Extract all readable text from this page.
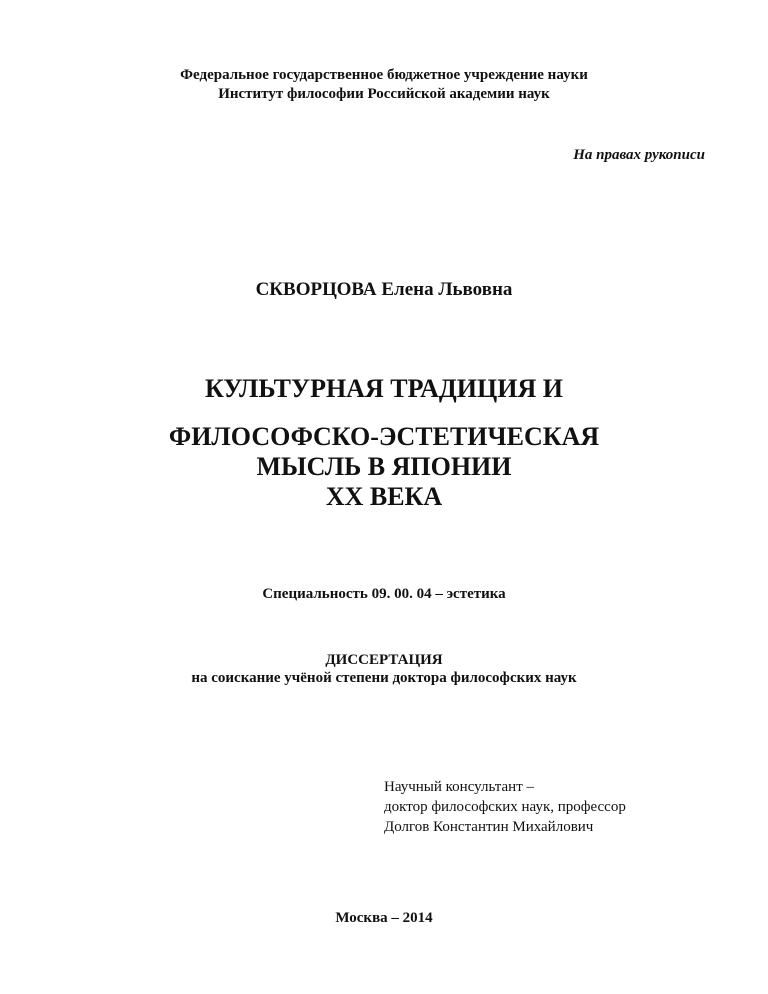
Федеральное государственное бюджетное учреждение науки
Институт философии Российской академии наук
На правах рукописи
СКВОРЦОВА Елена Львовна
КУЛЬТУРНАЯ ТРАДИЦИЯ И
ФИЛОСОФСКО-ЭСТЕТИЧЕСКАЯ
МЫСЛЬ В ЯПОНИИ
ХХ ВЕКА
Специальность 09. 00. 04 – эстетика
ДИССЕРТАЦИЯ
на соискание учёной степени доктора философских наук
Научный консультант –
доктор философских наук, профессор
Долгов Константин Михайлович
Москва – 2014
